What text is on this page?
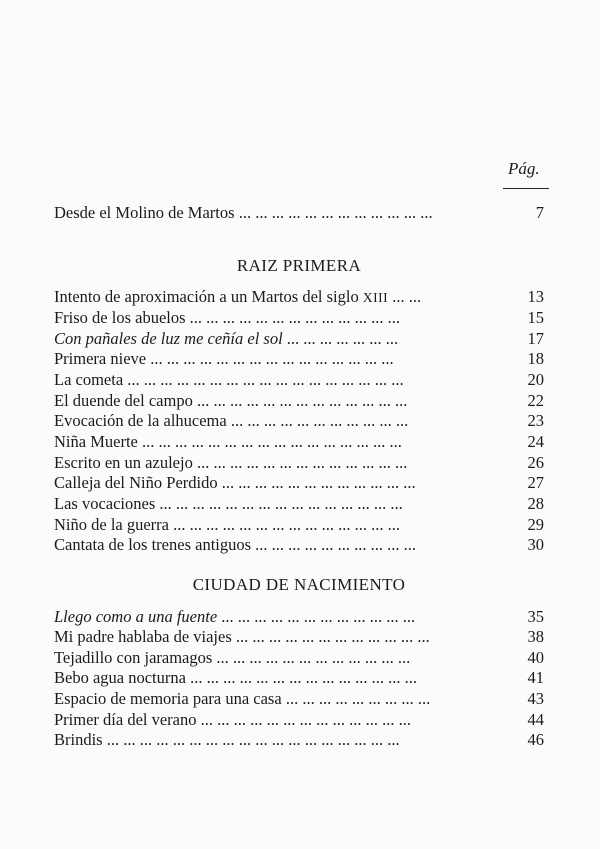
Pág.
Desde el Molino de Martos ... ... ... ... ... ... ... ... ... ... ... ...	7
RAIZ PRIMERA
Intento de aproximación a un Martos del siglo XIII ... ...	13
Friso de los abuelos ... ... ... ... ... ... ... ... ... ... ... ... ...	15
Con pañales de luz me ceñía el sol ... ... ... ... ... ... ...	17
Primera nieve ... ... ... ... ... ... ... ... ... ... ... ... ... ... ...	18
La cometa ... ... ... ... ... ... ... ... ... ... ... ... ... ... ... ... ...	20
El duende del campo ... ... ... ... ... ... ... ... ... ... ... ... ...	22
Evocación de la alhucema ... ... ... ... ... ... ... ... ... ... ...	23
Niña Muerte ... ... ... ... ... ... ... ... ... ... ... ... ... ... ... ...	24
Escrito en un azulejo ... ... ... ... ... ... ... ... ... ... ... ... ...	26
Calleja del Niño Perdido ... ... ... ... ... ... ... ... ... ... ... ...	27
Las vocaciones ... ... ... ... ... ... ... ... ... ... ... ... ... ... ...	28
Niño de la guerra ... ... ... ... ... ... ... ... ... ... ... ... ... ...	29
Cantata de los trenes antiguos ... ... ... ... ... ... ... ... ... ...	30
CIUDAD DE NACIMIENTO
Llego como a una fuente ... ... ... ... ... ... ... ... ... ... ... ...	35
Mi padre hablaba de viajes ... ... ... ... ... ... ... ... ... ... ... ...	38
Tejadillo con jaramagos ... ... ... ... ... ... ... ... ... ... ... ...	40
Bebo agua nocturna ... ... ... ... ... ... ... ... ... ... ... ... ... ...	41
Espacio de memoria para una casa ... ... ... ... ... ... ... ... ...	43
Primer día del verano ... ... ... ... ... ... ... ... ... ... ... ... ...	44
Brindis ... ... ... ... ... ... ... ... ... ... ... ... ... ... ... ... ... ...	46
